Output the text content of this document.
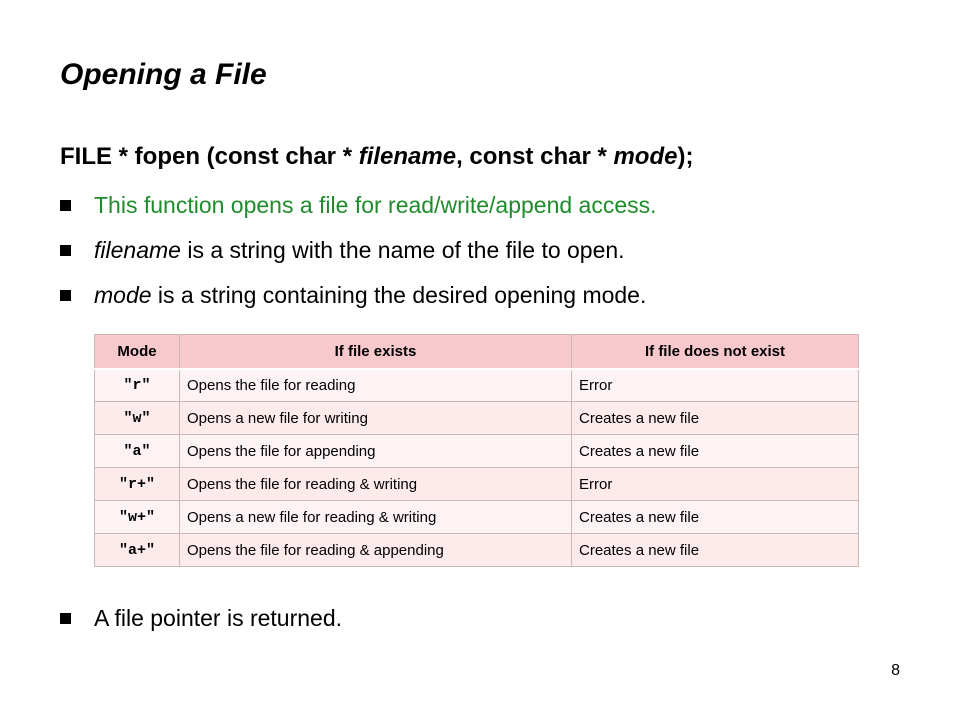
Opening a File
FILE * fopen (const char * filename, const char * mode);
This function opens a file for read/write/append access.
filename is a string with the name of the file to open.
mode is a string containing the desired opening mode.
Mode	If file exists	If file does not exist
"r"	Opens the file for reading	Error
"w"	Opens a new file for writing	Creates a new file
"a"	Opens the file for appending	Creates a new file
"r+"	Opens the file for reading & writing	Error
"w+"	Opens a new file for reading & writing	Creates a new file
"a+"	Opens the file for reading & appending	Creates a new file
A file pointer is returned.
8
